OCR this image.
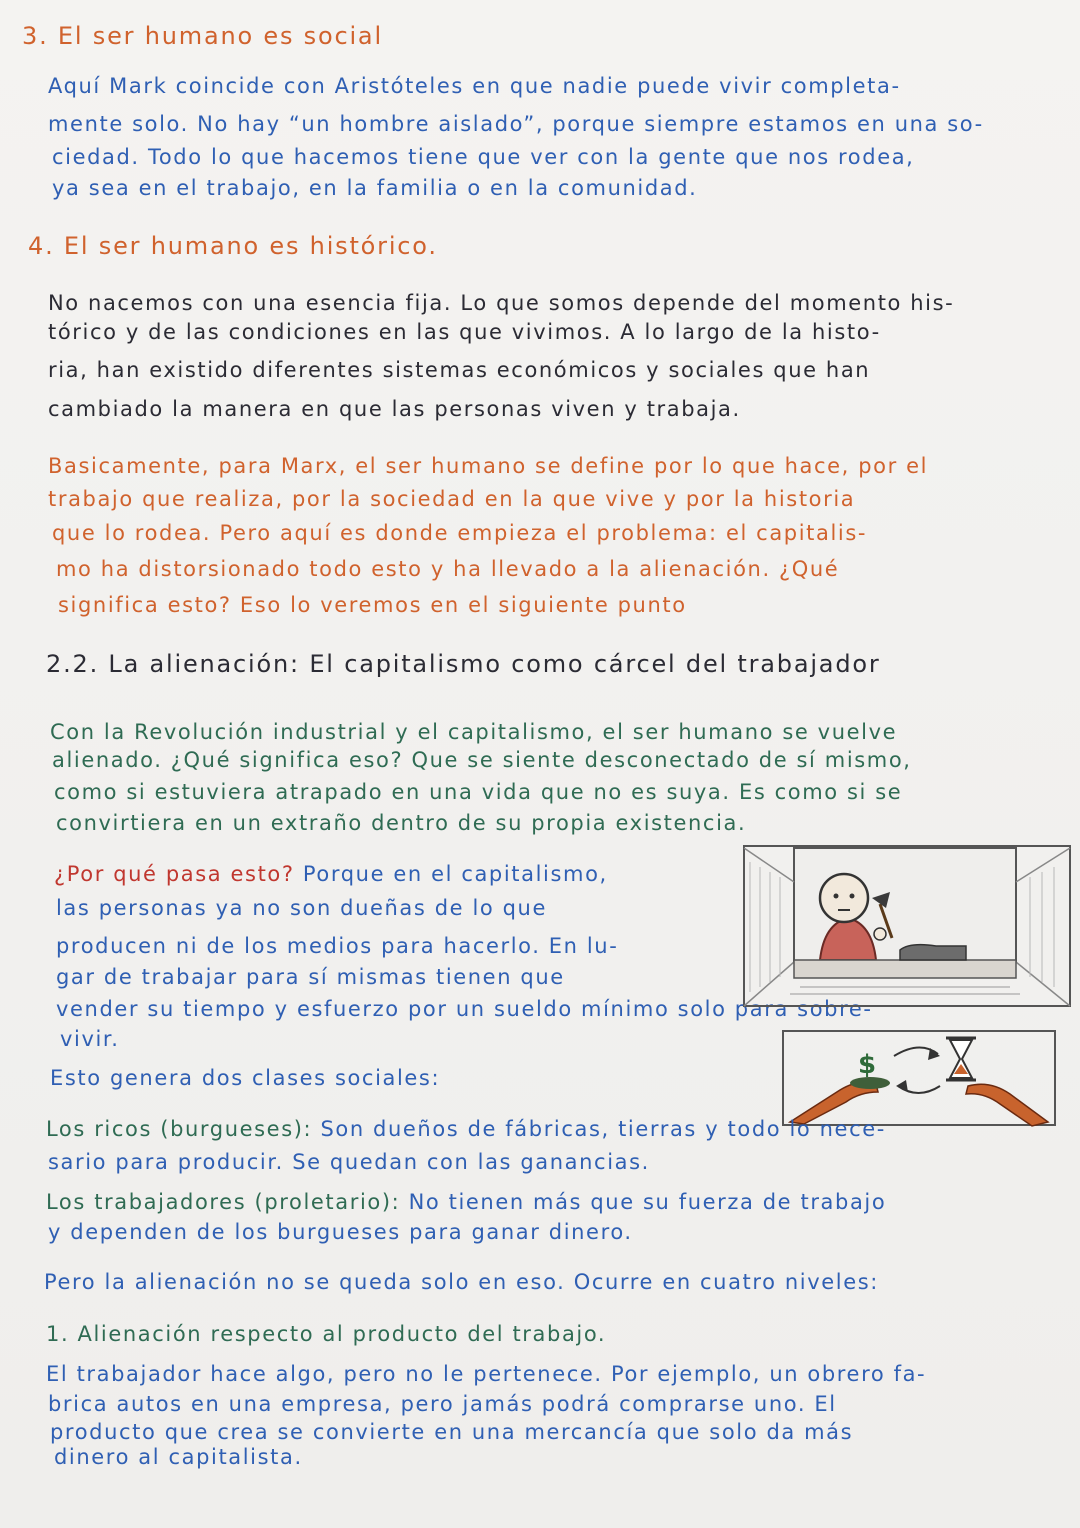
3. El ser humano es social
Aquí Mark coincide con Aristóteles en que nadie puede vivir completa-
mente solo. No hay “un hombre aislado”, porque siempre estamos en una so-
ciedad. Todo lo que hacemos tiene que ver con la gente que nos rodea,
ya sea en el trabajo, en la familia o en la comunidad.
4. El ser humano es histórico.
No nacemos con una esencia fija. Lo que somos depende del momento his-
tórico y de las condiciones en las que vivimos. A lo largo de la histo-
ria, han existido diferentes sistemas económicos y sociales que han
cambiado la manera en que las personas viven y trabaja.
Basicamente, para Marx, el ser humano se define por lo que hace, por el
trabajo que realiza, por la sociedad en la que vive y por la historia
que lo rodea. Pero aquí es donde empieza el problema: el capitalis-
mo ha distorsionado todo esto y ha llevado a la alienación. ¿Qué
significa esto? Eso lo veremos en el siguiente punto
2.2. La alienación: El capitalismo como cárcel del trabajador
Con la Revolución industrial y el capitalismo, el ser humano se vuelve
alienado. ¿Qué significa eso? Que se siente desconectado de sí mismo,
como si estuviera atrapado en una vida que no es suya. Es como si se
convirtiera en un extraño dentro de su propia existencia.
¿Por qué pasa esto? Porque en el capitalismo,
las personas ya no son dueñas de lo que
producen ni de los medios para hacerlo. En lu-
gar de trabajar para sí mismas tienen que
vender su tiempo y esfuerzo por un sueldo mínimo solo para sobre-
vivir.
$
Esto genera dos clases sociales:
Los ricos (burgueses): Son dueños de fábricas, tierras y todo lo nece-
sario para producir. Se quedan con las ganancias.
Los trabajadores (proletario): No tienen más que su fuerza de trabajo
y dependen de los burgueses para ganar dinero.
Pero la alienación no se queda solo en eso. Ocurre en cuatro niveles:
1. Alienación respecto al producto del trabajo.
El trabajador hace algo, pero no le pertenece. Por ejemplo, un obrero fa-
brica autos en una empresa, pero jamás podrá comprarse uno. El
producto que crea se convierte en una mercancía que solo da más
dinero al capitalista.
